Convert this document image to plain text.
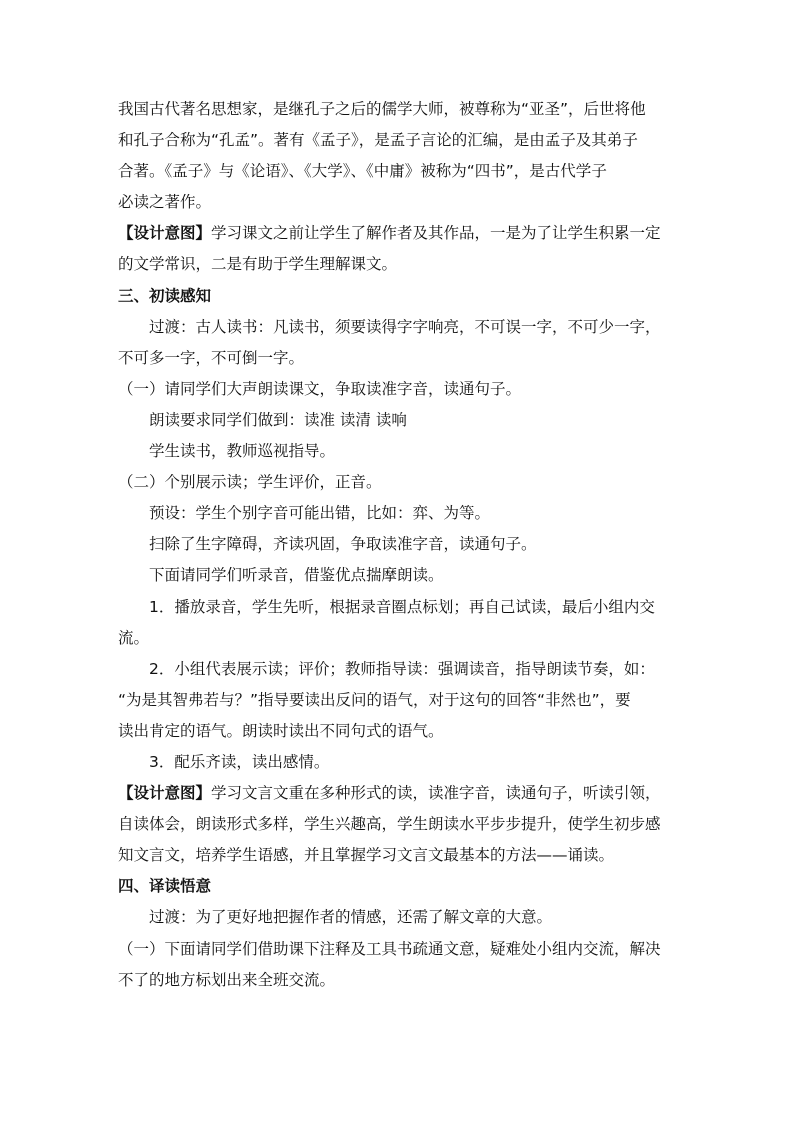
我国古代著名思想家，是继孔子之后的儒学大师，被尊称为“亚圣”，后世将他
和孔子合称为“孔孟”。著有《孟子》，是孟子言论的汇编，是由孟子及其弟子
合著。《孟子》与《论语》、《大学》、《中庸》被称为“四书”，是古代学子
必读之著作。
【设计意图】学习课文之前让学生了解作者及其作品，一是为了让学生积累一定
的文学常识，二是有助于学生理解课文。
三、初读感知
过渡：古人读书：凡读书，须要读得字字响亮，不可误一字，不可少一字，
不可多一字，不可倒一字。
（一）请同学们大声朗读课文，争取读准字音，读通句子。
朗读要求同学们做到：读准 读清 读响
学生读书，教师巡视指导。
（二）个别展示读；学生评价，正音。
预设：学生个别字音可能出错，比如：弈、为等。
扫除了生字障碍，齐读巩固，争取读准字音，读通句子。
下面请同学们听录音，借鉴优点揣摩朗读。
1．播放录音，学生先听，根据录音圈点标划；再自己试读，最后小组内交
流。
2．小组代表展示读；评价；教师指导读：强调读音，指导朗读节奏，如：
“为是其智弗若与？”指导要读出反问的语气，对于这句的回答“非然也”，要
读出肯定的语气。朗读时读出不同句式的语气。
3．配乐齐读，读出感情。
【设计意图】学习文言文重在多种形式的读，读准字音，读通句子，听读引领，
自读体会，朗读形式多样，学生兴趣高，学生朗读水平步步提升，使学生初步感
知文言文，培养学生语感，并且掌握学习文言文最基本的方法——诵读。
四、译读悟意
过渡：为了更好地把握作者的情感，还需了解文章的大意。
（一）下面请同学们借助课下注释及工具书疏通文意，疑难处小组内交流，解决
不了的地方标划出来全班交流。
